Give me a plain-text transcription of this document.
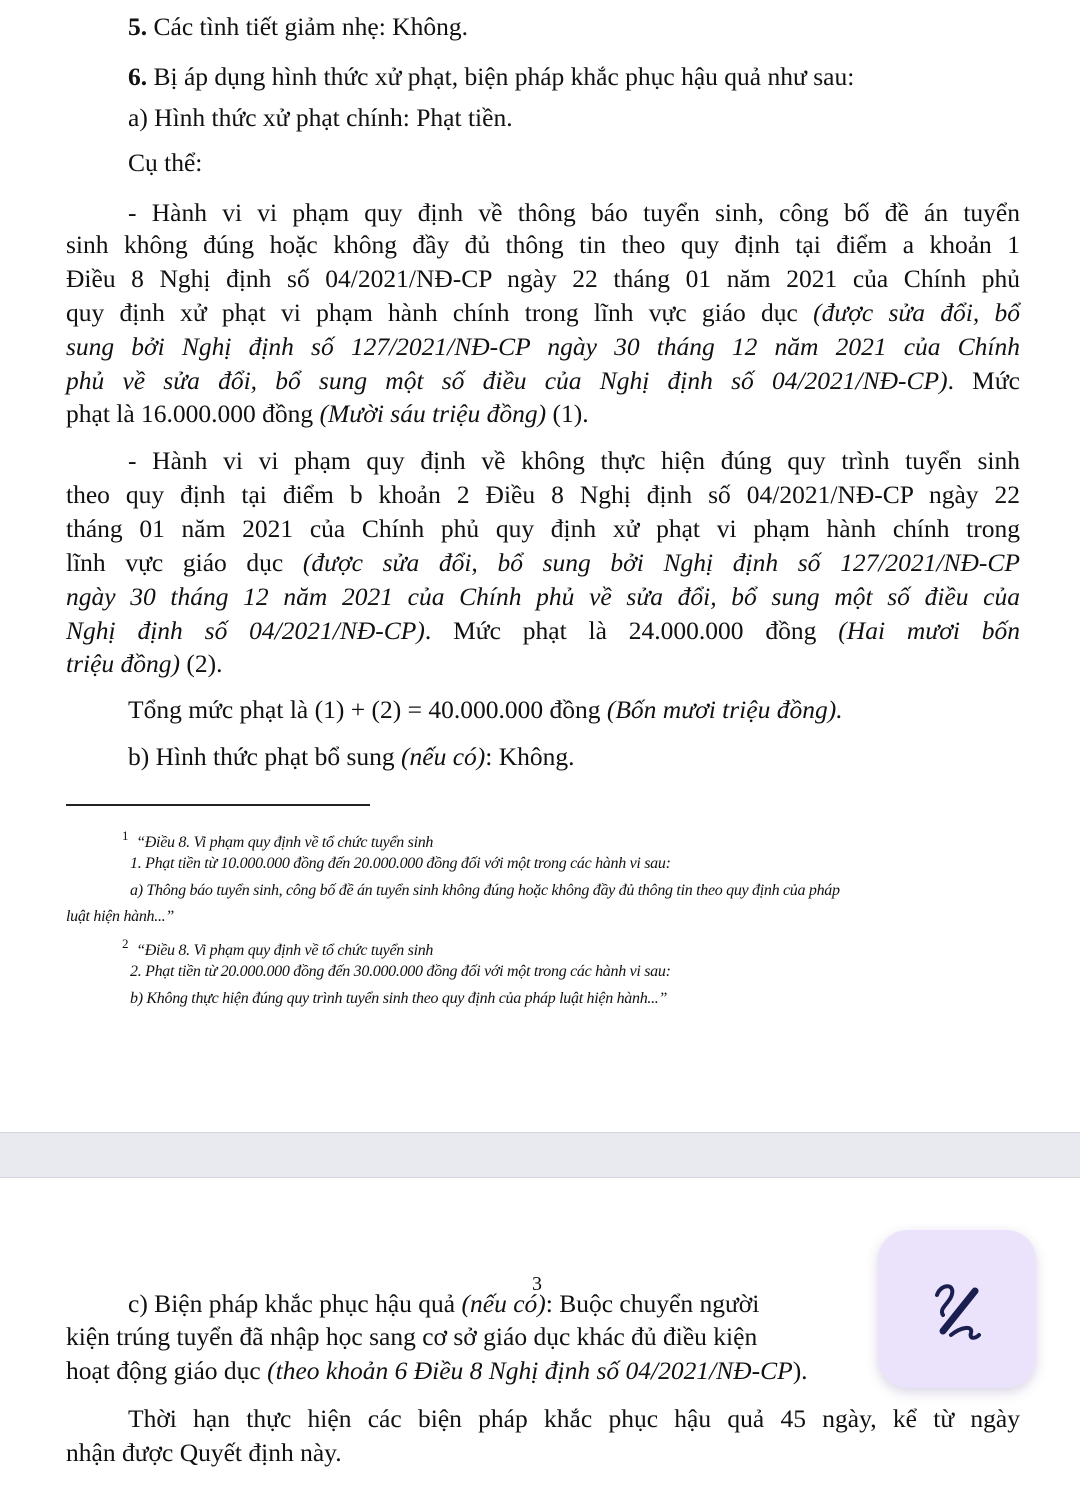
5. Các tình tiết giảm nhẹ: Không.

6. Bị áp dụng hình thức xử phạt, biện pháp khắc phục hậu quả như sau:

a) Hình thức xử phạt chính: Phạt tiền.

Cụ thể:

- Hành vi vi phạm quy định về thông báo tuyển sinh, công bố đề án tuyển

sinh không đúng hoặc không đầy đủ thông tin theo quy định tại điểm a khoản 1

Điều 8 Nghị định số 04/2021/NĐ-CP ngày 22 tháng 01 năm 2021 của Chính phủ

quy định xử phạt vi phạm hành chính trong lĩnh vực giáo dục (được sửa đổi, bổ

sung bởi Nghị định số 127/2021/NĐ-CP ngày 30 tháng 12 năm 2021 của Chính

phủ về sửa đổi, bổ sung một số điều của Nghị định số 04/2021/NĐ-CP). Mức

phạt là 16.000.000 đồng (Mười sáu triệu đồng) (1).

- Hành vi vi phạm quy định về không thực hiện đúng quy trình tuyển sinh

theo quy định tại điểm b khoản 2 Điều 8 Nghị định số 04/2021/NĐ-CP ngày 22

tháng 01 năm 2021 của Chính phủ quy định xử phạt vi phạm hành chính trong

lĩnh vực giáo dục (được sửa đổi, bổ sung bởi Nghị định số 127/2021/NĐ-CP

ngày 30 tháng 12 năm 2021 của Chính phủ về sửa đổi, bổ sung một số điều của

Nghị định số 04/2021/NĐ-CP). Mức phạt là 24.000.000 đồng (Hai mươi bốn

triệu đồng) (2).

Tổng mức phạt là (1) + (2) = 40.000.000 đồng (Bốn mươi triệu đồng).

b) Hình thức phạt bổ sung (nếu có): Không.

$^1$ “Điều 8. Vi phạm quy định về tổ chức tuyển sinh

1. Phạt tiền từ 10.000.000 đồng đến 20.000.000 đồng đối với một trong các hành vi sau:

a) Thông báo tuyển sinh, công bố đề án tuyển sinh không đúng hoặc không đầy đủ thông tin theo quy định của pháp

luật hiện hành...”

$^2$ “Điều 8. Vi phạm quy định về tổ chức tuyển sinh

2. Phạt tiền từ 20.000.000 đồng đến 30.000.000 đồng đối với một trong các hành vi sau:

b) Không thực hiện đúng quy trình tuyển sinh theo quy định của pháp luật hiện hành...”

3

c) Biện pháp khắc phục hậu quả (nếu có): Buộc chuyển người

kiện trúng tuyển đã nhập học sang cơ sở giáo dục khác đủ điều kiện

hoạt động giáo dục (theo khoản 6 Điều 8 Nghị định số 04/2021/NĐ-CP).

Thời hạn thực hiện các biện pháp khắc phục hậu quả 45 ngày, kể từ ngày

nhận được Quyết định này.
